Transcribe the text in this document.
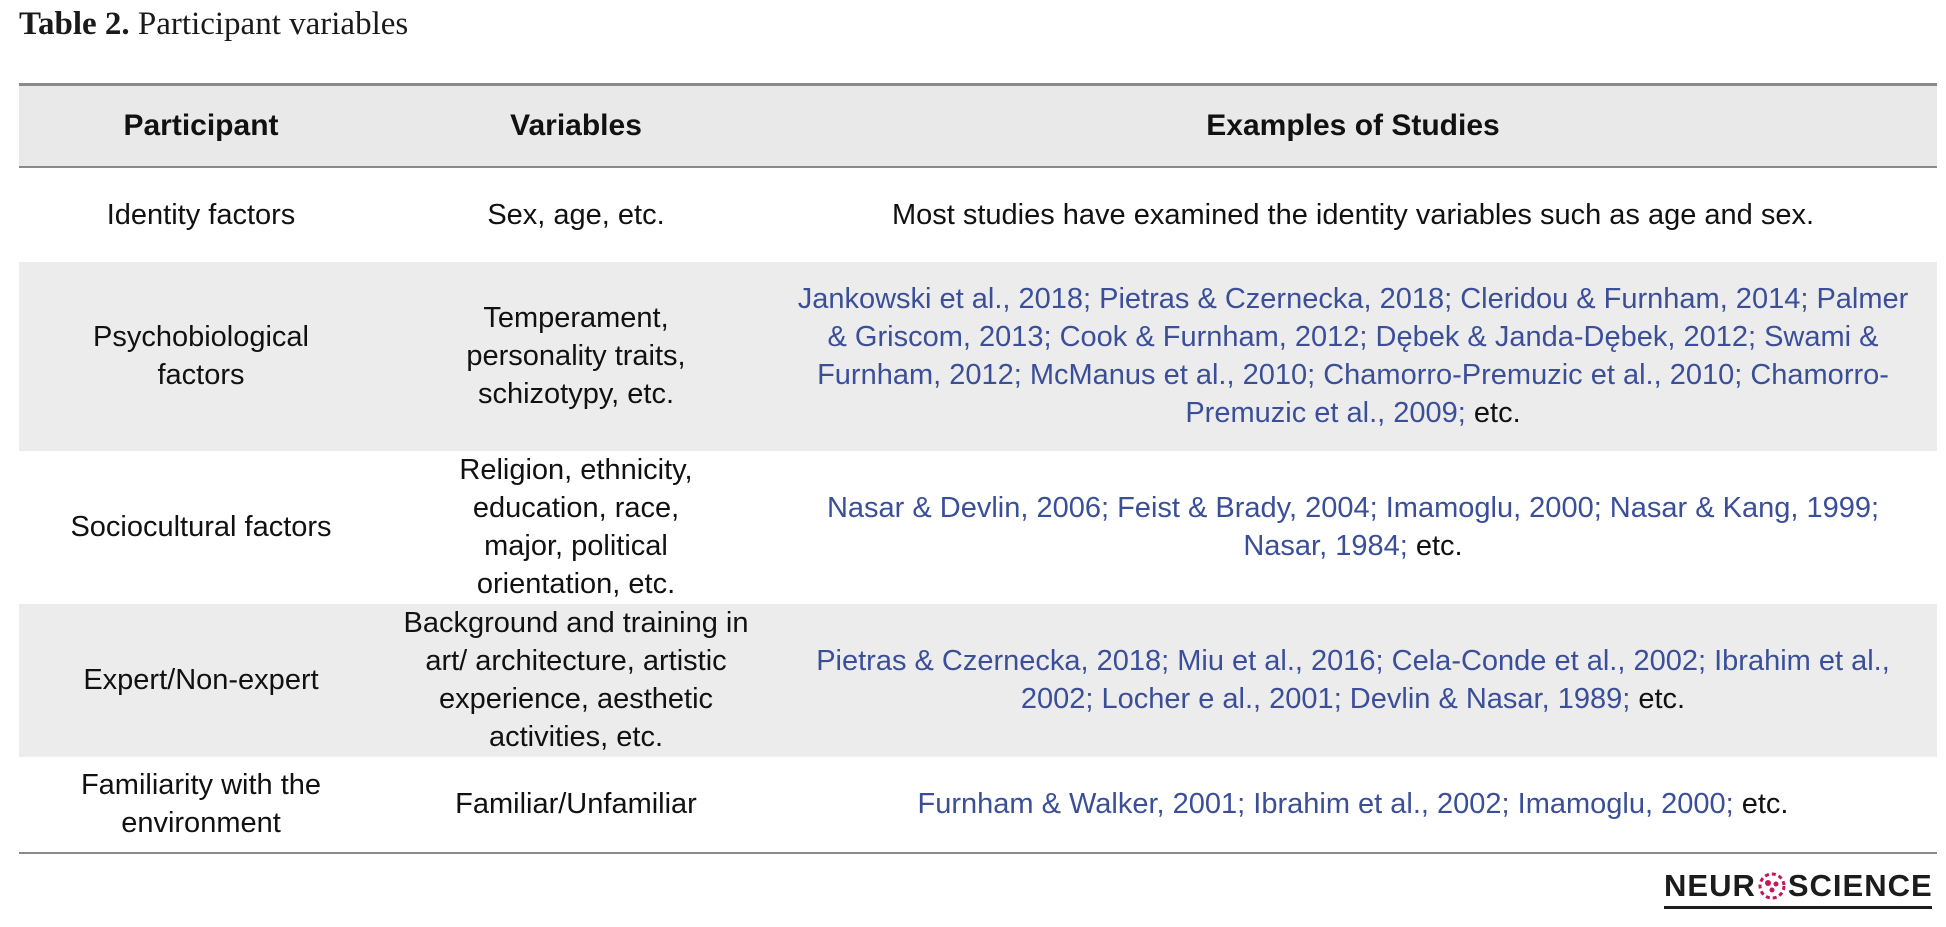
Table 2. Participant variables
Participant	Variables	Examples of Studies
Identity factors	Sex, age, etc.	Most studies have examined the identity variables such as age and sex.

Psychobiological factors	Temperament, personality traits, schizotypy, etc.	Jankowski et al., 2018; Pietras & Czernecka, 2018; Cleridou & Furnham, 2014; Palmer & Griscom, 2013; Cook & Furnham, 2012; Dębek & Janda-Dębek, 2012; Swami & Furnham, 2012; McManus et al., 2010; Chamorro-Premuzic et al., 2010; Chamorro-Premuzic et al., 2009; etc.

Sociocultural factors	Religion, ethnicity, education, race, major, political orientation, etc.	Nasar & Devlin, 2006; Feist & Brady, 2004; Imamoglu, 2000; Nasar & Kang, 1999; Nasar, 1984; etc.

Expert/Non-expert	Background and training in art/ architecture, artistic experience, aesthetic activities, etc.	Pietras & Czernecka, 2018; Miu et al., 2016; Cela-Conde et al., 2002; Ibrahim et al., 2002; Locher e al., 2001; Devlin & Nasar, 1989; etc.

Familiarity with the environment	Familiar/Unfamiliar	Furnham & Walker, 2001; Ibrahim et al., 2002; Imamoglu, 2000; etc.
NEUR SCIENCE
